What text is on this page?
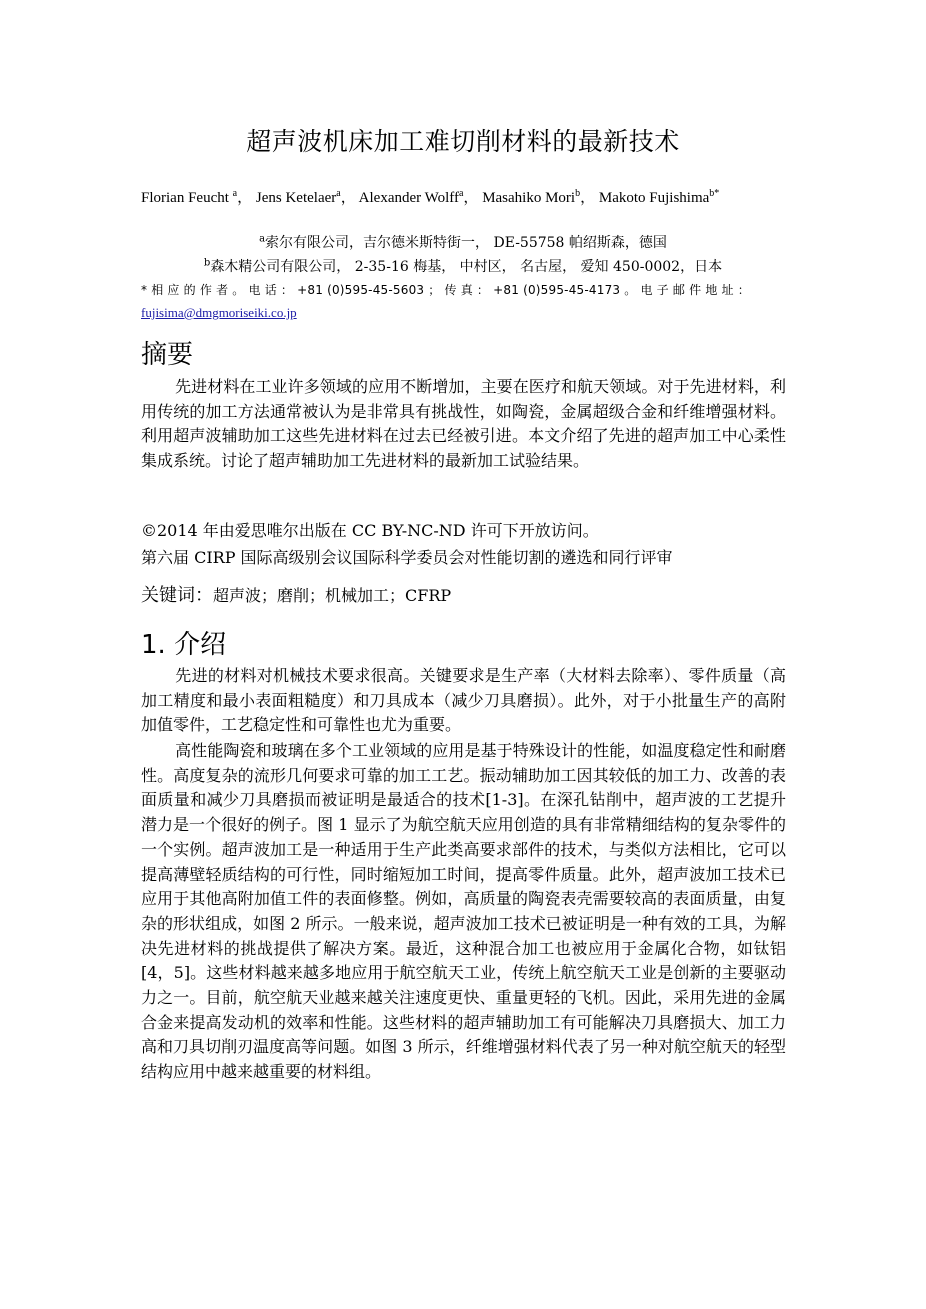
超声波机床加工难切削材料的最新技术
Florian Feucht $^a$， Jens Ketelaer$^a$， Alexander Wolff$^a$， Masahiko Mori$^b$， Makoto Fujishima$^{b*}$
$^a$索尔有限公司，吉尔德米斯特街一， DE-55758 帕绍斯森，德国
$^b$森木精公司有限公司， 2-35-16 梅基， 中村区， 名古屋， 爱知 450-0002，日本
* 相 应 的 作 者 。 电 话 ： +81 (0)595-45-5603 ； 传 真 ： +81 (0)595-45-4173 。 电 子 邮 件 地 址 ：
fujisima@dmgmoriseiki.co.jp
摘要
先进材料在工业许多领域的应用不断增加，主要在医疗和航天领域。对于先进材料，利用传统的加工方法通常被认为是非常具有挑战性，如陶瓷，金属超级合金和纤维增强材料。利用超声波辅助加工这些先进材料在过去已经被引进。本文介绍了先进的超声加工中心柔性集成系统。讨论了超声辅助加工先进材料的最新加工试验结果。
©2014 年由爱思唯尔出版在 CC BY-NC-ND 许可下开放访问。
第六届 CIRP 国际高级别会议国际科学委员会对性能切割的遴选和同行评审
关键词：超声波；磨削；机械加工；CFRP
1. 介绍
先进的材料对机械技术要求很高。关键要求是生产率（大材料去除率）、零件质量（高加工精度和最小表面粗糙度）和刀具成本（减少刀具磨损）。此外，对于小批量生产的高附加值零件，工艺稳定性和可靠性也尤为重要。
高性能陶瓷和玻璃在多个工业领域的应用是基于特殊设计的性能，如温度稳定性和耐磨性。高度复杂的流形几何要求可靠的加工工艺。振动辅助加工因其较低的加工力、改善的表面质量和减少刀具磨损而被证明是最适合的技术[1-3]。在深孔钻削中，超声波的工艺提升潜力是一个很好的例子。图 1 显示了为航空航天应用创造的具有非常精细结构的复杂零件的一个实例。超声波加工是一种适用于生产此类高要求部件的技术，与类似方法相比，它可以提高薄壁轻质结构的可行性，同时缩短加工时间，提高零件质量。此外，超声波加工技术已应用于其他高附加值工件的表面修整。例如，高质量的陶瓷表壳需要较高的表面质量，由复杂的形状组成，如图 2 所示。一般来说，超声波加工技术已被证明是一种有效的工具，为解决先进材料的挑战提供了解决方案。最近，这种混合加工也被应用于金属化合物，如钛铝[4，5]。这些材料越来越多地应用于航空航天工业，传统上航空航天工业是创新的主要驱动力之一。目前，航空航天业越来越关注速度更快、重量更轻的飞机。因此，采用先进的金属合金来提高发动机的效率和性能。这些材料的超声辅助加工有可能解决刀具磨损大、加工力高和刀具切削刃温度高等问题。如图 3 所示，纤维增强材料代表了另一种对航空航天的轻型结构应用中越来越重要的材料组。
